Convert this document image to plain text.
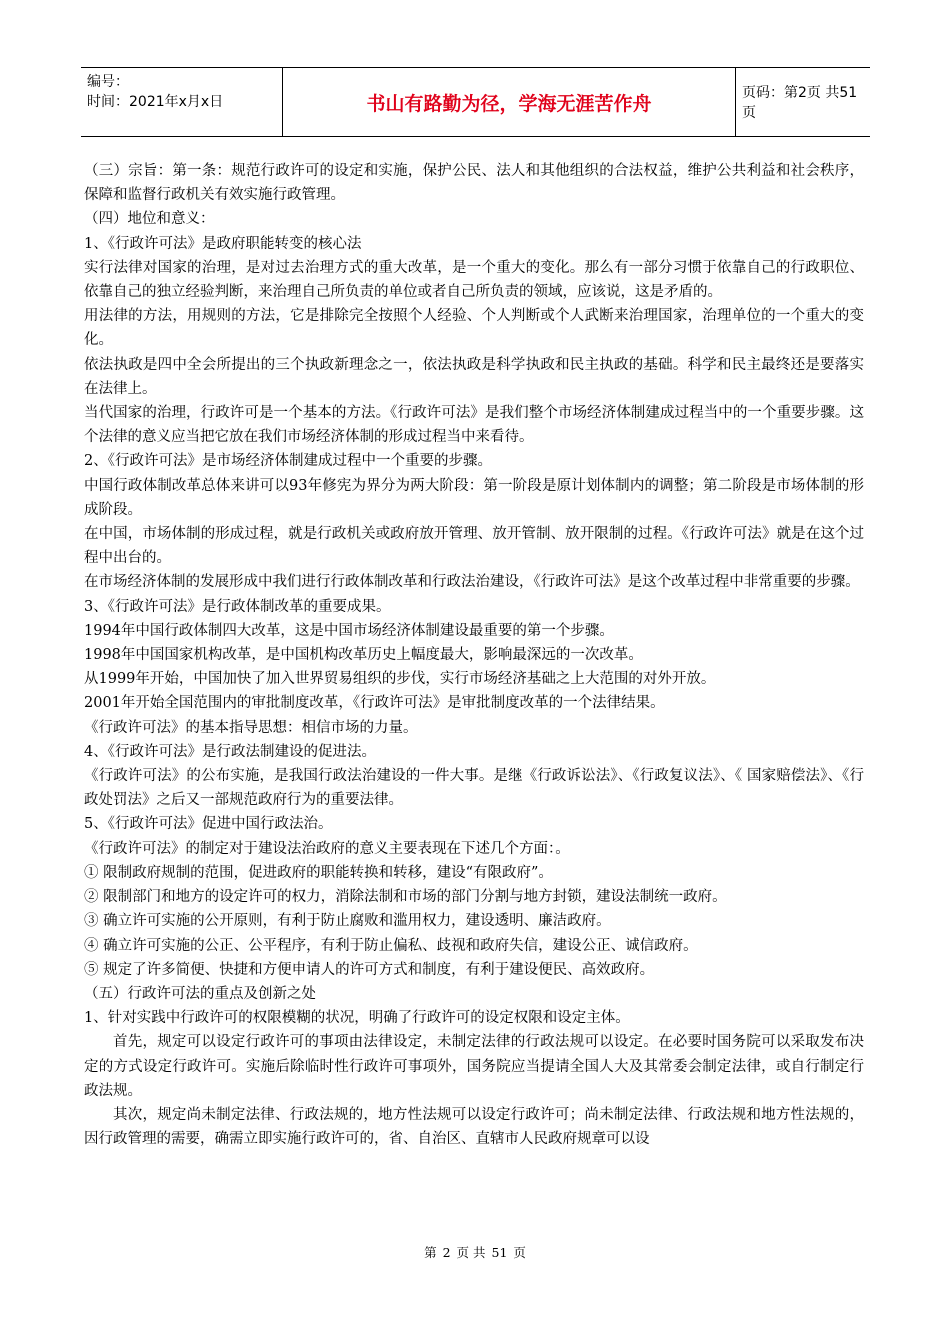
编号：
时间：2021年x月x日	书山有路勤为径，学海无涯苦作舟	页码：第2页 共51页

（三）宗旨：第一条：规范行政许可的设定和实施，保护公民、法人和其他组织的合法权益，维护公共利益和社会秩序，保障和监督行政机关有效实施行政管理。

（四）地位和意义：

1、《行政许可法》是政府职能转变的核心法

实行法律对国家的治理，是对过去治理方式的重大改革，是一个重大的变化。那么有一部分习惯于依靠自己的行政职位、依靠自己的独立经验判断，来治理自己所负责的单位或者自己所负责的领域，应该说，这是矛盾的。

用法律的方法，用规则的方法，它是排除完全按照个人经验、个人判断或个人武断来治理国家，治理单位的一个重大的变化。

依法执政是四中全会所提出的三个执政新理念之一，依法执政是科学执政和民主执政的基础。科学和民主最终还是要落实在法律上。

当代国家的治理，行政许可是一个基本的方法。《行政许可法》是我们整个市场经济体制建成过程当中的一个重要步骤。这个法律的意义应当把它放在我们市场经济体制的形成过程当中来看待。

2、《行政许可法》是市场经济体制建成过程中一个重要的步骤。

中国行政体制改革总体来讲可以93年修宪为界分为两大阶段：第一阶段是原计划体制内的调整；第二阶段是市场体制的形成阶段。

在中国，市场体制的形成过程，就是行政机关或政府放开管理、放开管制、放开限制的过程。《行政许可法》就是在这个过程中出台的。

在市场经济体制的发展形成中我们进行行政体制改革和行政法治建设，《行政许可法》是这个改革过程中非常重要的步骤。

3、《行政许可法》是行政体制改革的重要成果。

1994年中国行政体制四大改革，这是中国市场经济体制建设最重要的第一个步骤。

1998年中国国家机构改革，是中国机构改革历史上幅度最大，影响最深远的一次改革。

从1999年开始，中国加快了加入世界贸易组织的步伐，实行市场经济基础之上大范围的对外开放。

2001年开始全国范围内的审批制度改革，《行政许可法》是审批制度改革的一个法律结果。

《行政许可法》的基本指导思想：相信市场的力量。

4、《行政许可法》是行政法制建设的促进法。

《行政许可法》的公布实施，是我国行政法治建设的一件大事。是继《行政诉讼法》、《行政复议法》、《 国家赔偿法》、《行政处罚法》之后又一部规范政府行为的重要法律。

5、《行政许可法》促进中国行政法治。

《行政许可法》的制定对于建设法治政府的意义主要表现在下述几个方面：。

① 限制政府规制的范围，促进政府的职能转换和转移，建设“有限政府”。

② 限制部门和地方的设定许可的权力，消除法制和市场的部门分割与地方封锁，建设法制统一政府。

③ 确立许可实施的公开原则，有利于防止腐败和滥用权力，建设透明、廉洁政府。

④ 确立许可实施的公正、公平程序，有利于防止偏私、歧视和政府失信，建设公正、诚信政府。

⑤ 规定了许多简便、快捷和方便申请人的许可方式和制度，有利于建设便民、高效政府。

（五）行政许可法的重点及创新之处

1、针对实践中行政许可的权限模糊的状况，明确了行政许可的设定权限和设定主体。

首先，规定可以设定行政许可的事项由法律设定，未制定法律的行政法规可以设定。在必要时国务院可以采取发布决定的方式设定行政许可。实施后除临时性行政许可事项外，国务院应当提请全国人大及其常委会制定法律，或自行制定行政法规。

其次，规定尚未制定法律、行政法规的，地方性法规可以设定行政许可；尚未制定法律、行政法规和地方性法规的，因行政管理的需要，确需立即实施行政许可的，省、自治区、直辖市人民政府规章可以设

第 2 页 共 51 页
